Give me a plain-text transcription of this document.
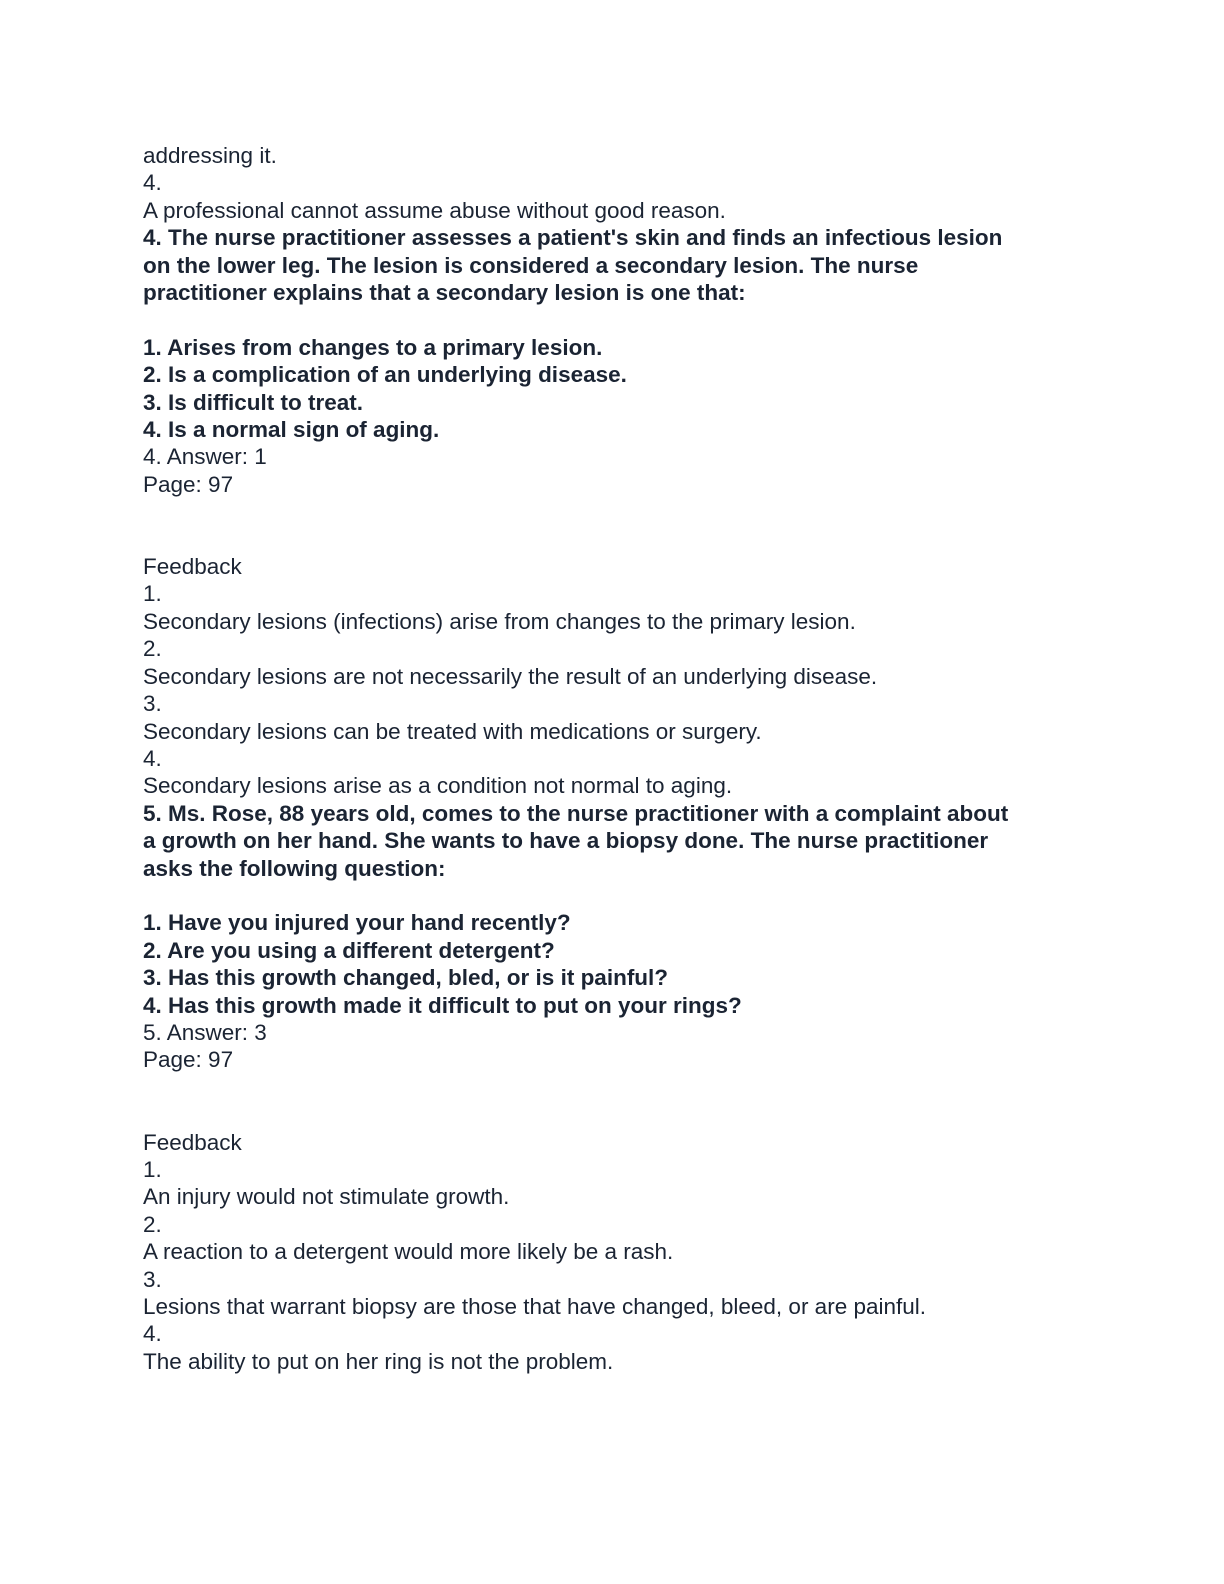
addressing it.
4.
A professional cannot assume abuse without good reason.
4. The nurse practitioner assesses a patient's skin and finds an infectious lesion
on the lower leg. The lesion is considered a secondary lesion. The nurse
practitioner explains that a secondary lesion is one that:
1. Arises from changes to a primary lesion.
2. Is a complication of an underlying disease.
3. Is difficult to treat.
4. Is a normal sign of aging.
4. Answer: 1
Page: 97
Feedback
1.
Secondary lesions (infections) arise from changes to the primary lesion.
2.
Secondary lesions are not necessarily the result of an underlying disease.
3.
Secondary lesions can be treated with medications or surgery.
4.
Secondary lesions arise as a condition not normal to aging.
5. Ms. Rose, 88 years old, comes to the nurse practitioner with a complaint about
a growth on her hand. She wants to have a biopsy done. The nurse practitioner
asks the following question:
1. Have you injured your hand recently?
2. Are you using a different detergent?
3. Has this growth changed, bled, or is it painful?
4. Has this growth made it difficult to put on your rings?
5. Answer: 3
Page: 97
Feedback
1.
An injury would not stimulate growth.
2.
A reaction to a detergent would more likely be a rash.
3.
Lesions that warrant biopsy are those that have changed, bleed, or are painful.
4.
The ability to put on her ring is not the problem.
